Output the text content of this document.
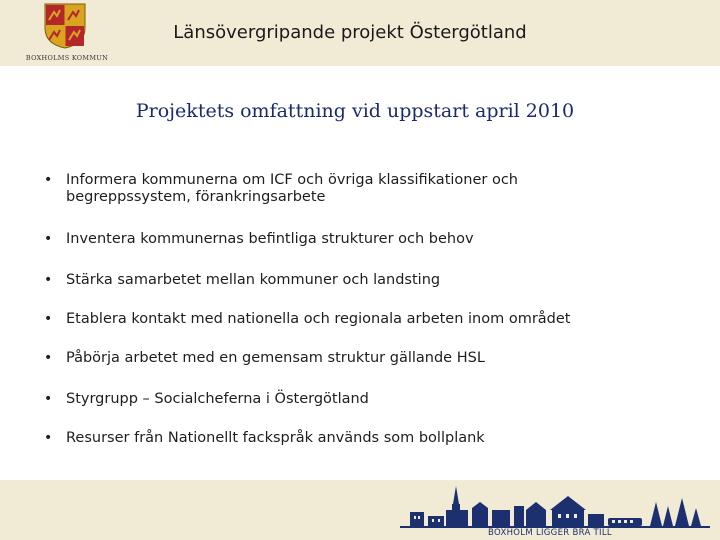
BOXHOLMS KOMMUN
Länsövergripande projekt Östergötland
Projektets omfattning vid uppstart april 2010
• Informera kommunerna om ICF och övriga klassifikationer och
begreppssystem, förankringsarbete
• Inventera kommunernas befintliga strukturer och behov
• Stärka samarbetet mellan kommuner och landsting
• Etablera kontakt med nationella och regionala arbeten inom området
• Påbörja arbetet med en gemensam struktur gällande HSL
• Styrgrupp – Socialcheferna i Östergötland
• Resurser från Nationellt fackspråk används som bollplank
BOXHOLM LIGGER BRA TILL
